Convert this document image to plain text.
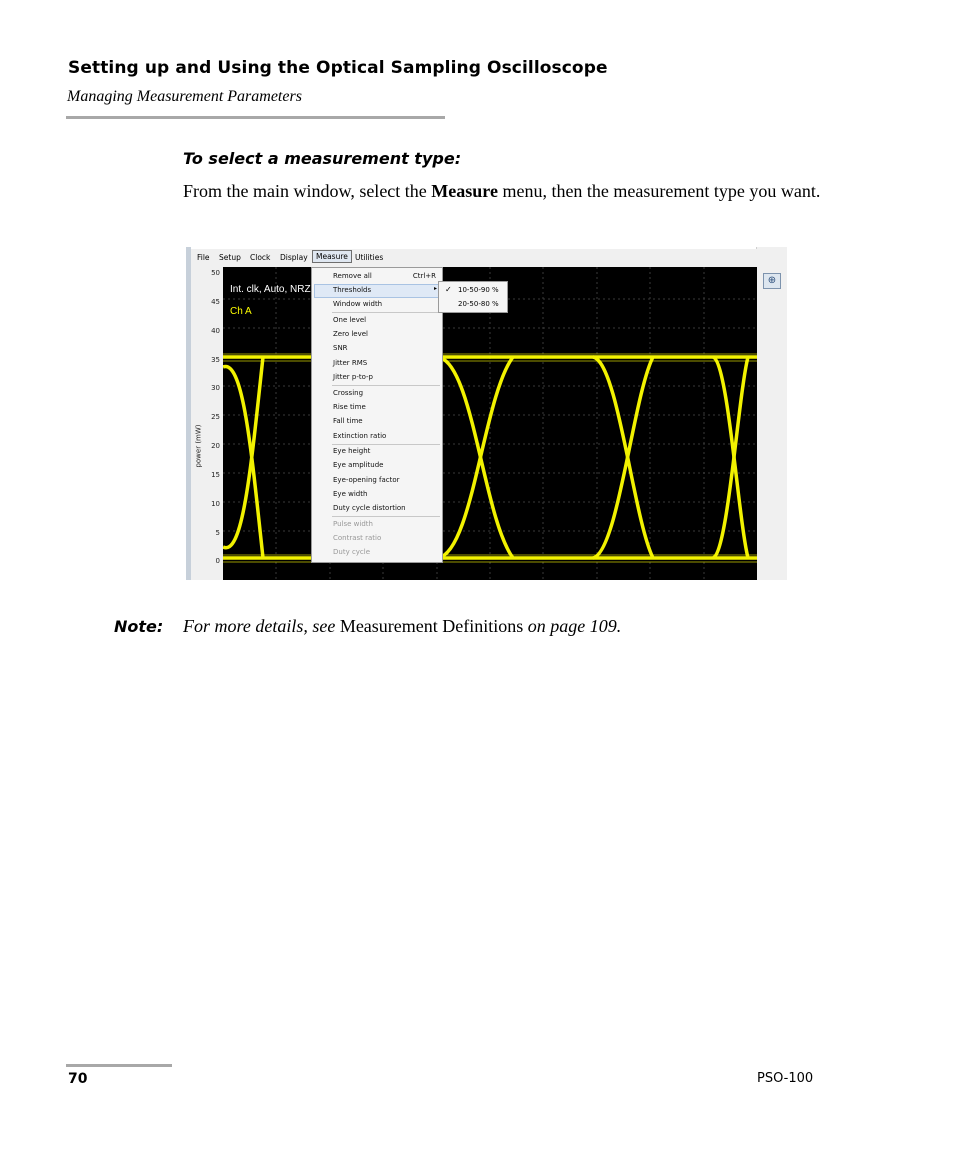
Setting up and Using the Optical Sampling Oscilloscope
Managing Measurement Parameters
To select a measurement type:
From the main window, select the Measure menu, then the measurement type you want.
File Setup Clock Display	Measure Utilities
50
45
40
35
30
25
20
15
10
5
0
power (mW)
Int. clk, Auto, NRZ
Ch A
⊕
Remove all	Ctrl+R
Thresholds	▸
Window width
One level
Zero level
SNR
Jitter RMS
Jitter p-to-p
Crossing
Rise time
Fall time
Extinction ratio
Eye height
Eye amplitude
Eye-opening factor
Eye width
Duty cycle distortion
Pulse width
Contrast ratio
Duty cycle
✓ 10-50-90 %
20-50-80 %
Note: For more details, see Measurement Definitions on page 109.
70	PSO-100
